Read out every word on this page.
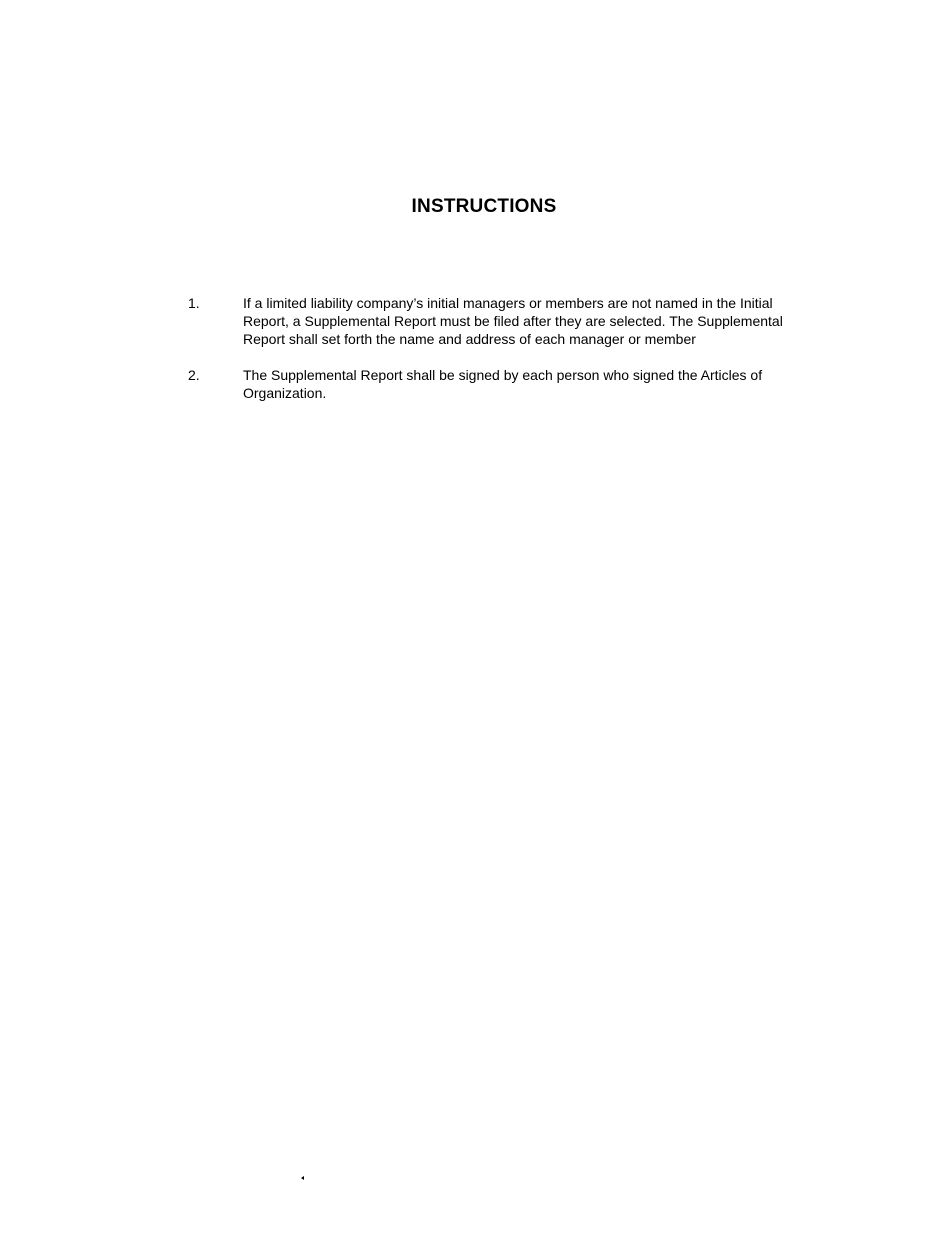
INSTRUCTIONS
1.	If a limited liability company’s initial managers or members are not named in the Initial Report, a Supplemental Report must be filed after they are selected. The Supplemental Report shall set forth the name and address of each manager or member
2.	The Supplemental Report shall be signed by each person who signed the Articles of Organization.
